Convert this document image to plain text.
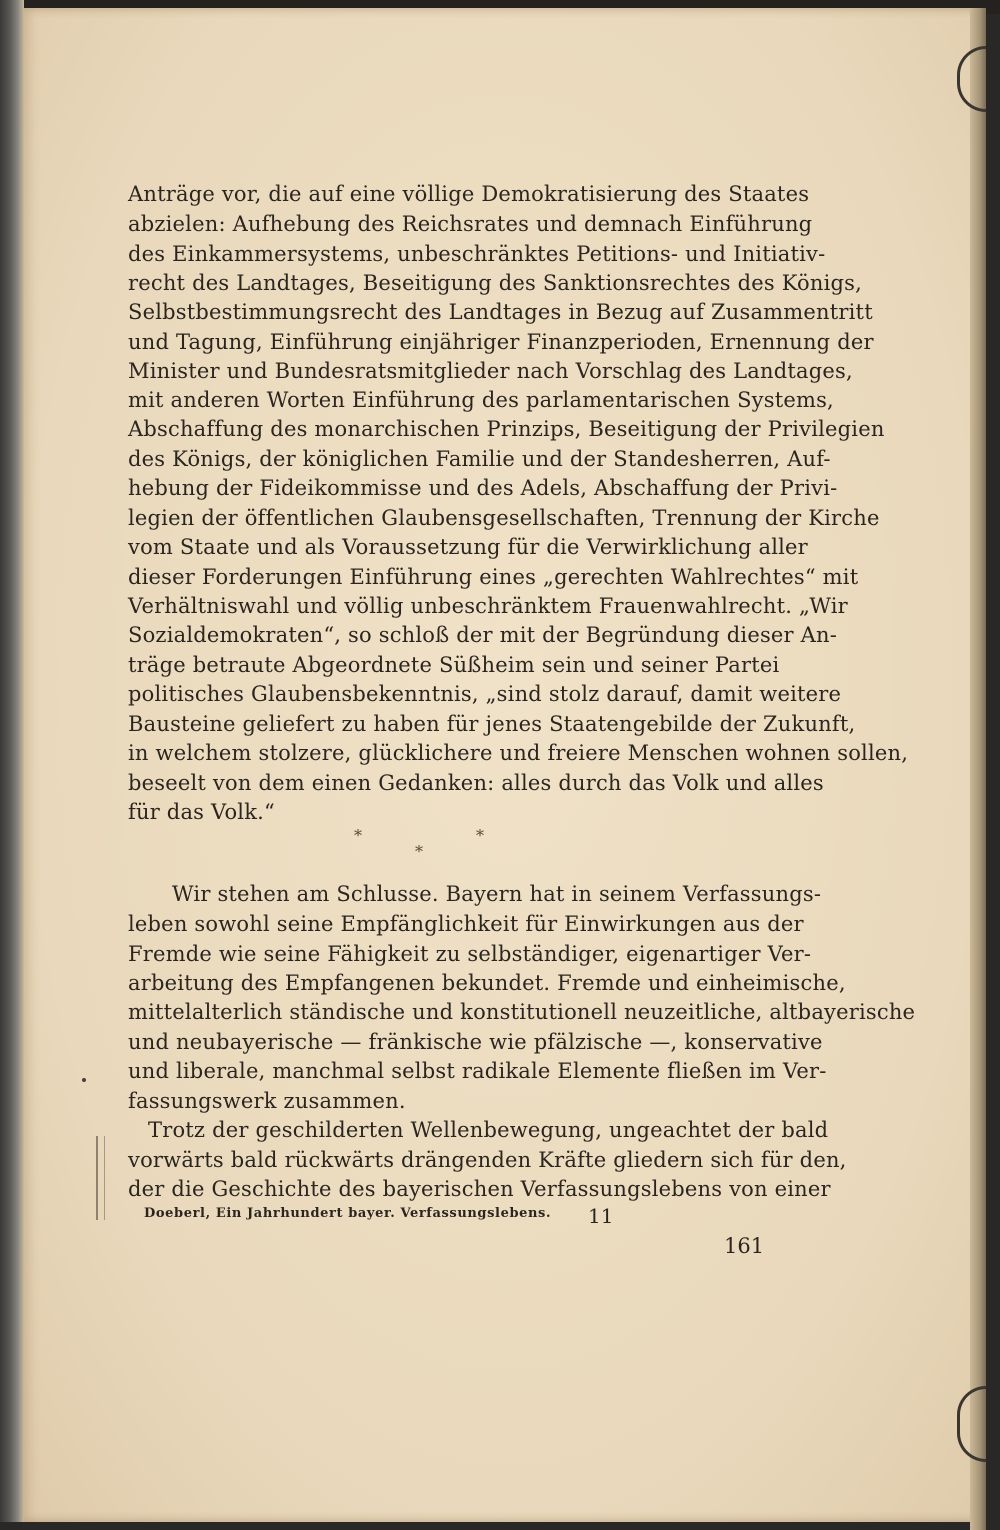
Anträge vor, die auf eine völlige Demokratisierung des Staates
abzielen: Aufhebung des Reichsrates und demnach Einführung
des Einkammersystems, unbeschränktes Petitions- und Initiativ-
recht des Landtages, Beseitigung des Sanktionsrechtes des Königs,
Selbstbestimmungsrecht des Landtages in Bezug auf Zusammentritt
und Tagung, Einführung einjähriger Finanzperioden, Ernennung der
Minister und Bundesratsmitglieder nach Vorschlag des Landtages,
mit anderen Worten Einführung des parlamentarischen Systems,
Abschaffung des monarchischen Prinzips, Beseitigung der Privilegien
des Königs, der königlichen Familie und der Standesherren, Auf-
hebung der Fideikommisse und des Adels, Abschaffung der Privi-
legien der öffentlichen Glaubensgesellschaften, Trennung der Kirche
vom Staate und als Voraussetzung für die Verwirklichung aller
dieser Forderungen Einführung eines „gerechten Wahlrechtes“ mit
Verhältniswahl und völlig unbeschränktem Frauenwahlrecht. „Wir
Sozialdemokraten“, so schloß der mit der Begründung dieser An-
träge betraute Abgeordnete Süßheim sein und seiner Partei
politisches Glaubensbekenntnis, „sind stolz darauf, damit weitere
Bausteine geliefert zu haben für jenes Staatengebilde der Zukunft,
in welchem stolzere, glücklichere und freiere Menschen wohnen sollen,
beseelt von dem einen Gedanken: alles durch das Volk und alles
für das Volk.“
*	*
*
Wir stehen am Schlusse. Bayern hat in seinem Verfassungs-
leben sowohl seine Empfänglichkeit für Einwirkungen aus der
Fremde wie seine Fähigkeit zu selbständiger, eigenartiger Ver-
arbeitung des Empfangenen bekundet. Fremde und einheimische,
mittelalterlich ständische und konstitutionell neuzeitliche, altbayerische
und neubayerische — fränkische wie pfälzische —, konservative
und liberale, manchmal selbst radikale Elemente fließen im Ver-
fassungswerk zusammen.
Trotz der geschilderten Wellenbewegung, ungeachtet der bald
vorwärts bald rückwärts drängenden Kräfte gliedern sich für den,
der die Geschichte des bayerischen Verfassungslebens von einer
Doeberl, Ein Jahrhundert bayer. Verfassungslebens. 11
161
